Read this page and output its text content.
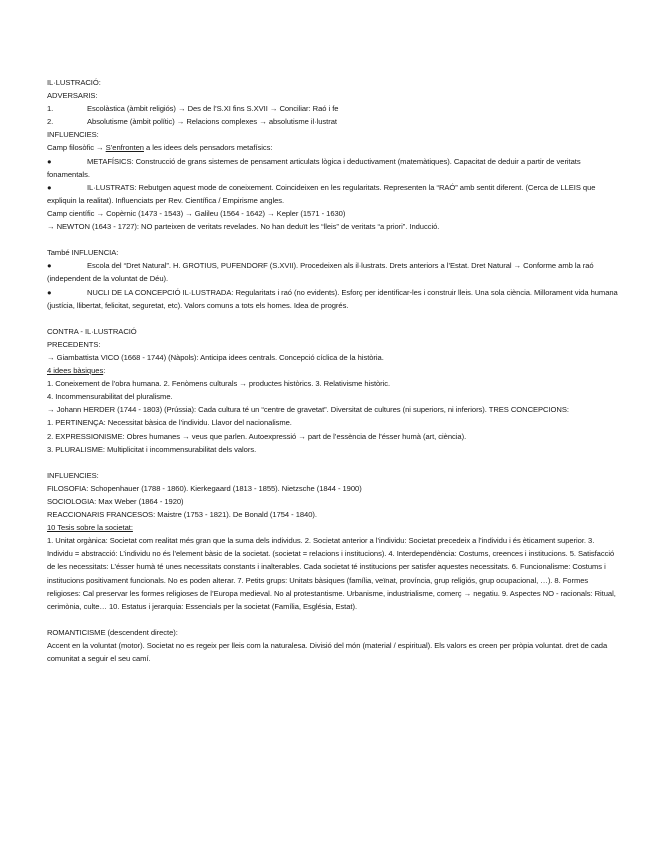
IL·LUSTRACIÓ:
ADVERSARIS:
1.	Escolàstica (àmbit religiós) → Des de l’S.XI fins S.XVII → Conciliar: Raó i fe
2.	Absolutisme (àmbit polític) → Relacions complexes → absolutisme il·lustrat
INFLUENCIES:
Camp filosòfic → S’enfronten a les idees dels pensadors metafísics:
●	METAFÍSICS: Construcció de grans sistemes de pensament articulats lògica i deductivament (matemàtiques). Capacitat de deduir a partir de veritats fonamentals.
●	IL·LUSTRATS: Rebutgen aquest mode de coneixement. Coincideixen en les regularitats. Representen la “RAÓ” amb sentit diferent. (Cerca de LLEIS que expliquin la realitat). Influenciats per Rev. Científica / Empirisme angles.
Camp científic → Copèrnic (1473 - 1543) → Galileu (1564 - 1642) → Kepler (1571 - 1630)
→ NEWTON (1643 - 1727): NO parteixen de veritats revelades. No han deduït les “lleis” de veritats “a priori”. Inducció.
També INFLUENCIA:
●	Escola del “Dret Natural”. H. GROTIUS, PUFENDORF (S.XVII). Procedeixen als il·lustrats. Drets anteriors a l’Estat. Dret Natural → Conforme amb la raó (independent de la voluntat de Déu).
●	NUCLI DE LA CONCEPCIÓ IL·LUSTRADA: Regularitats i raó (no evidents). Esforç per identificar-les i construir lleis. Una sola ciència. Millorament vida humana (justícia, llibertat, felicitat, seguretat, etc). Valors comuns a tots els homes. Idea de progrés.
CONTRA - IL·LUSTRACIÓ
PRECEDENTS:
→ Giambattista VICO (1668 - 1744) (Nàpols): Anticipa idees centrals. Concepció cíclica de la història.
4 idees bàsiques:
1. Coneixement de l’obra humana. 2. Fenòmens culturals → productes històrics. 3. Relativisme històric.
4. Incommensurabilitat del pluralisme.
→ Johann HERDER (1744 - 1803) (Prússia): Cada cultura té un “centre de gravetat”. Diversitat de cultures (ni superiors, ni inferiors). TRES CONCEPCIONS:
1. PERTINENÇA: Necessitat bàsica de l’individu. Llavor del nacionalisme.
2. EXPRESSIONISME: Obres humanes → veus que parlen. Autoexpressió → part de l’essència de l’ésser humà (art, ciència).
3. PLURALISME: Multiplicitat i incommensurabilitat dels valors.
INFLUENCIES:
FILOSOFIA: Schopenhauer (1788 - 1860). Kierkegaard (1813 - 1855). Nietzsche (1844 - 1900)
SOCIOLOGIA: Max Weber (1864 - 1920)
REACCIONARIS FRANCESOS: Maistre (1753 - 1821). De Bonald (1754 - 1840).
10 Tesis sobre la societat:
1. Unitat orgànica: Societat com realitat més gran que la suma dels individus. 2. Societat anterior a l’individu: Societat precedeix a l’individu i és èticament superior. 3. Individu = abstracció: L’individu no és l’element bàsic de la societat. (societat = relacions i institucions). 4. Interdependència: Costums, creences i institucions. 5. Satisfacció de les necessitats: L’ésser humà té unes necessitats constants i inalterables. Cada societat té institucions per satisfer aquestes necessitats. 6. Funcionalisme: Costums i institucions positivament funcionals. No es poden alterar. 7. Petits grups: Unitats bàsiques (família, veïnat, província, grup religiós, grup ocupacional, …). 8. Formes religioses: Cal preservar les formes religioses de l’Europa medieval. No al protestantisme. Urbanisme, industrialisme, comerç → negatiu. 9. Aspectes NO - racionals: Ritual, cerimònia, culte… 10. Estatus i jerarquia: Essencials per la societat (Família, Església, Estat).
ROMANTICISME (descendent directe):
Accent en la voluntat (motor). Societat no es regeix per lleis com la naturalesa. Divisió del món (material / espiritual). Els valors es creen per pròpia voluntat. dret de cada comunitat a seguir el seu camí.
